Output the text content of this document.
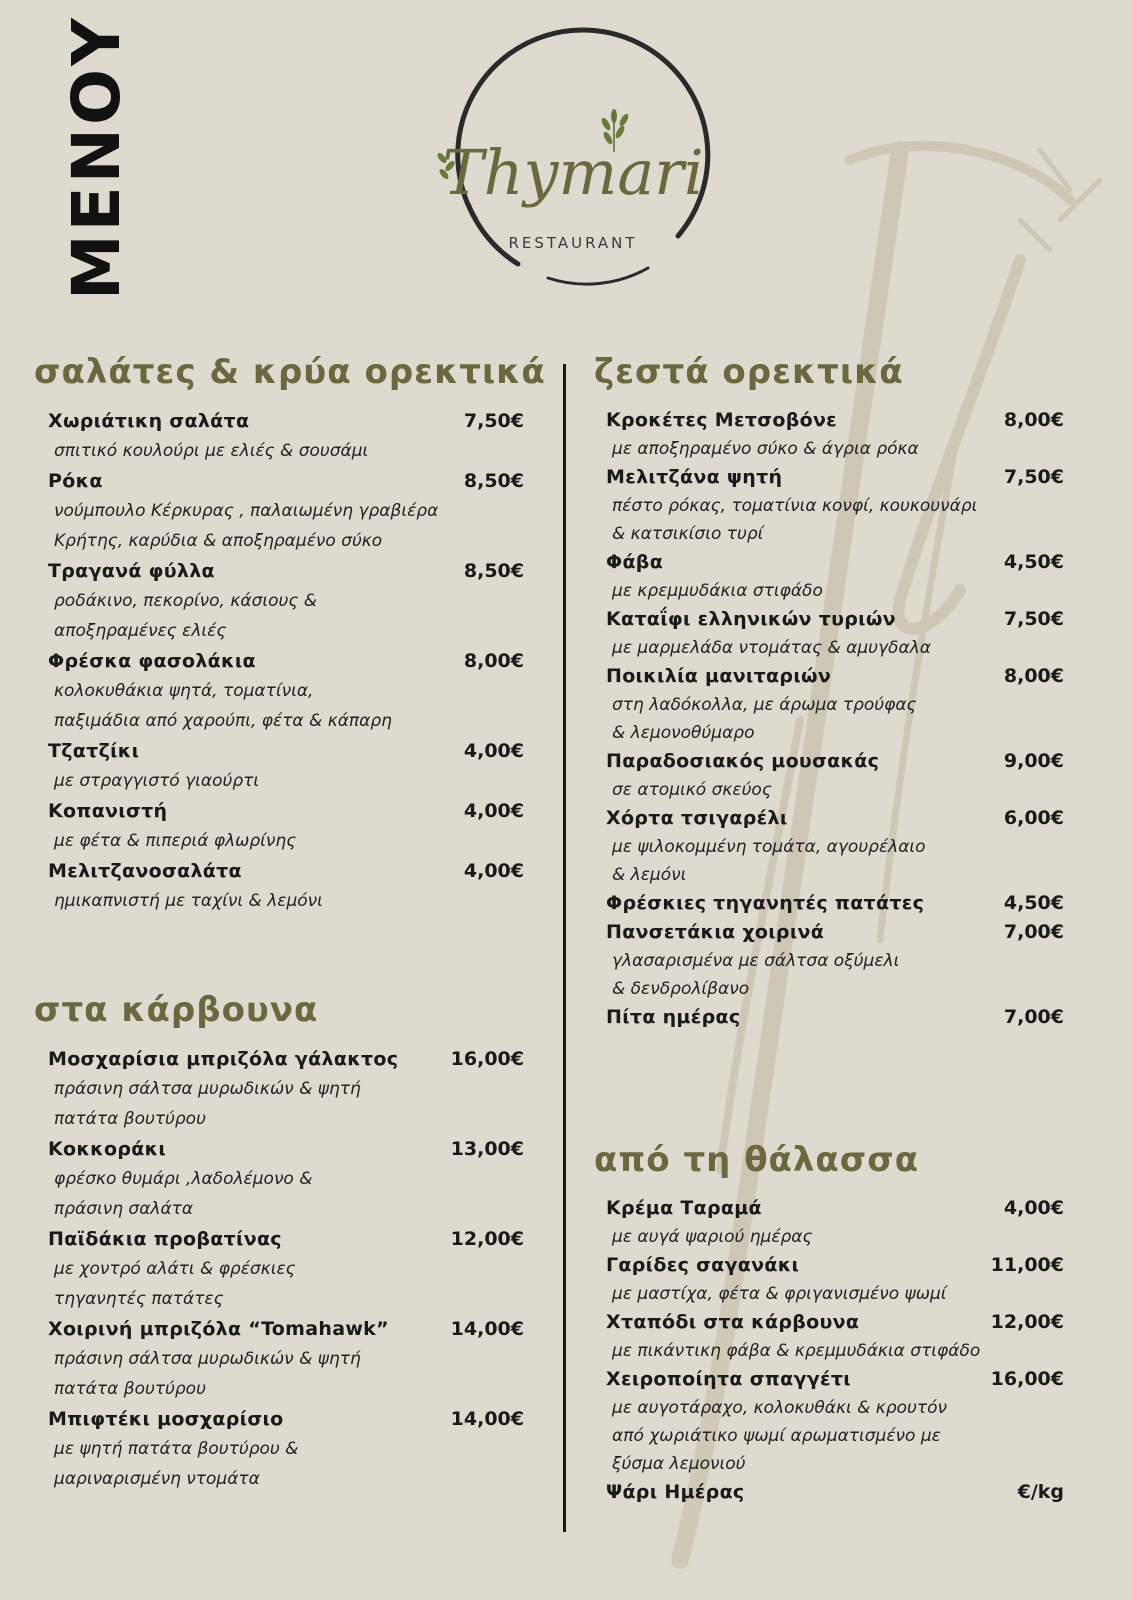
ΜΕΝΟΥ	Thymari
RESTAURANT
σαλάτες & κρύα ορεκτικά
Χωριάτικη σαλάτα	7,50€
σπιτικό κουλούρι με ελιές & σουσάμι
Ρόκα	8,50€
νούμπουλο Κέρκυρας , παλαιωμένη γραβιέρα
Κρήτης, καρύδια & αποξηραμένο σύκο
Τραγανά φύλλα	8,50€
ροδάκινο, πεκορίνο, κάσιους &
αποξηραμένες ελιές
Φρέσκα φασολάκια	8,00€
κολοκυθάκια ψητά, τοματίνια,
παξιμάδια από χαρούπι, φέτα & κάπαρη
Τζατζίκι	4,00€
με στραγγιστό γιαούρτι
Κοπανιστή	4,00€
με φέτα & πιπεριά φλωρίνης
Μελιτζανοσαλάτα	4,00€
ημικαπνιστή με ταχίνι & λεμόνι
στα κάρβουνα
Μοσχαρίσια μπριζόλα γάλακτος	16,00€
πράσινη σάλτσα μυρωδικών & ψητή
πατάτα βουτύρου
Κοκκοράκι	13,00€
φρέσκο θυμάρι ,λαδολέμονο &
πράσινη σαλάτα
Παϊδάκια προβατίνας	12,00€
με χοντρό αλάτι & φρέσκιες
τηγανητές πατάτες
Χοιρινή μπριζόλα “Tomahawk”	14,00€
πράσινη σάλτσα μυρωδικών & ψητή
πατάτα βουτύρου
Μπιφτέκι μοσχαρίσιο	14,00€
με ψητή πατάτα βουτύρου &
μαριναρισμένη ντομάτα
ζεστά ορεκτικά
Κροκέτες Μετσοβόνε	8,00€
με αποξηραμένο σύκο & άγρια ρόκα
Μελιτζάνα ψητή	7,50€
πέστο ρόκας, τοματίνια κονφί, κουκουνάρι
& κατσικίσιο τυρί
Φάβα	4,50€
με κρεμμυδάκια στιφάδο
Καταΐφι ελληνικών τυριών	7,50€
με μαρμελάδα ντομάτας & αμυγδαλα
Ποικιλία μανιταριών	8,00€
στη λαδόκολλα, με άρωμα τρούφας
& λεμονοθύμαρο
Παραδοσιακός μουσακάς	9,00€
σε ατομικό σκεύος
Χόρτα τσιγαρέλι	6,00€
με ψιλοκομμένη τομάτα, αγουρέλαιο
& λεμόνι
Φρέσκιες τηγανητές πατάτες	4,50€
Πανσετάκια χοιρινά	7,00€
γλασαρισμένα με σάλτσα οξύμελι
& δενδρολίβανο
Πίτα ημέρας	7,00€
από τη θάλασσα
Κρέμα Ταραμά	4,00€
με αυγά ψαριού ημέρας
Γαρίδες σαγανάκι	11,00€
με μαστίχα, φέτα & φριγανισμένο ψωμί
Χταπόδι στα κάρβουνα	12,00€
με πικάντικη φάβα & κρεμμυδάκια στιφάδο
Χειροποίητα σπαγγέτι	16,00€
με αυγοτάραχο, κολοκυθάκι & κρουτόν
από χωριάτικο ψωμί αρωματισμένο με
ξύσμα λεμονιού
Ψάρι Ημέρας	€/kg
